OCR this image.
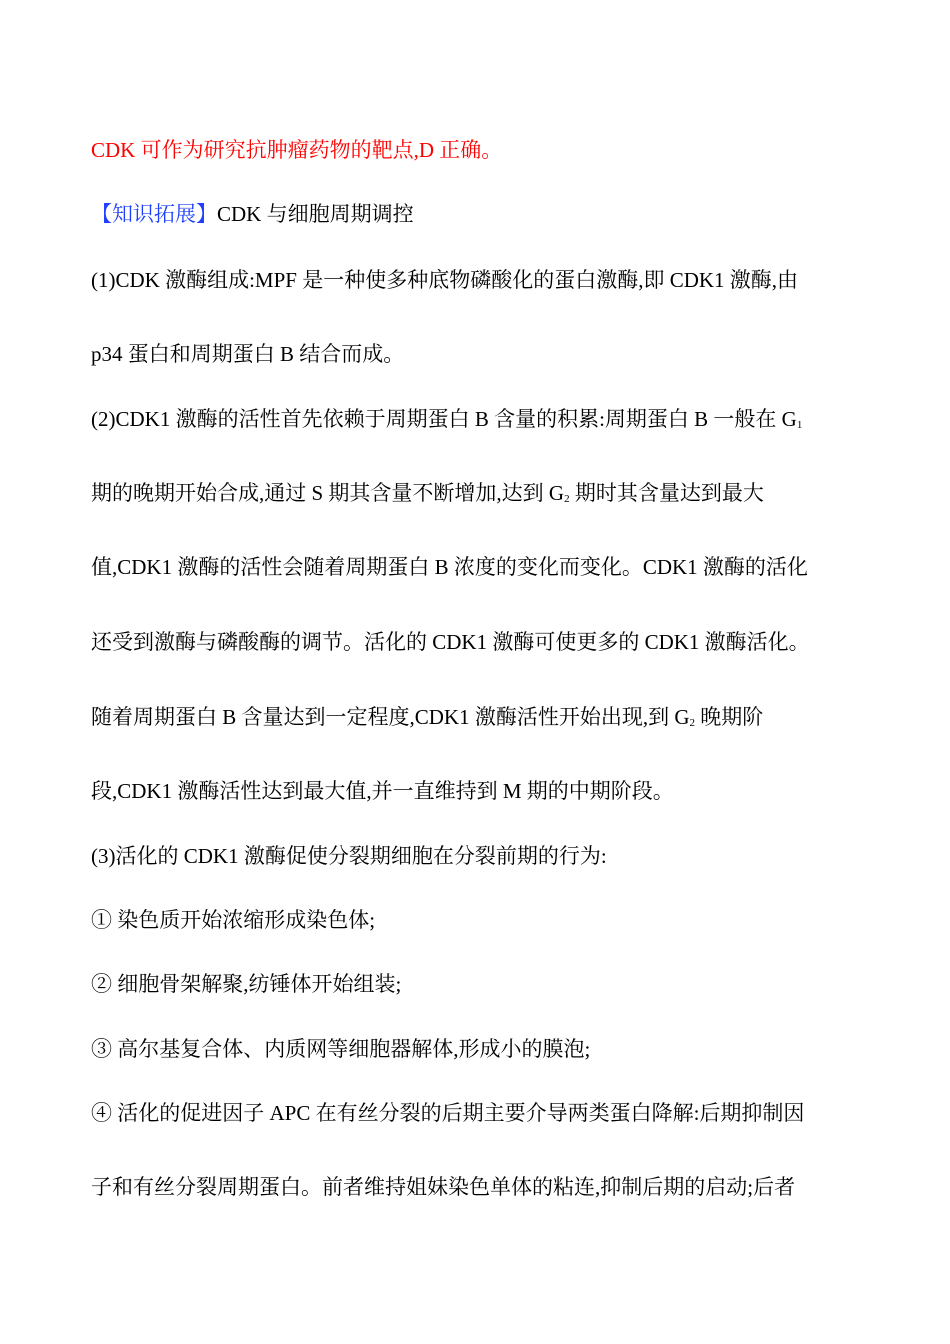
CDK 可作为研究抗肿瘤药物的靶点,D 正确。

【知识拓展】CDK 与细胞周期调控

(1)CDK 激酶组成:MPF 是一种使多种底物磷酸化的蛋白激酶,即 CDK1 激酶,由

p34 蛋白和周期蛋白 B 结合而成。

(2)CDK1 激酶的活性首先依赖于周期蛋白 B 含量的积累:周期蛋白 B 一般在 $G_1$

期的晚期开始合成,通过 S 期其含量不断增加,达到 $G_2$ 期时其含量达到最大

值,CDK1 激酶的活性会随着周期蛋白 B 浓度的变化而变化。CDK1 激酶的活化

还受到激酶与磷酸酶的调节。活化的 CDK1 激酶可使更多的 CDK1 激酶活化。

随着周期蛋白 B 含量达到一定程度,CDK1 激酶活性开始出现,到 $G_2$ 晚期阶

段,CDK1 激酶活性达到最大值,并一直维持到 M 期的中期阶段。

(3)活化的 CDK1 激酶促使分裂期细胞在分裂前期的行为:

① 染色质开始浓缩形成染色体;

② 细胞骨架解聚,纺锤体开始组装;

③ 高尔基复合体、内质网等细胞器解体,形成小的膜泡;

④ 活化的促进因子 APC 在有丝分裂的后期主要介导两类蛋白降解:后期抑制因

子和有丝分裂周期蛋白。前者维持姐妹染色单体的粘连,抑制后期的启动;后者
